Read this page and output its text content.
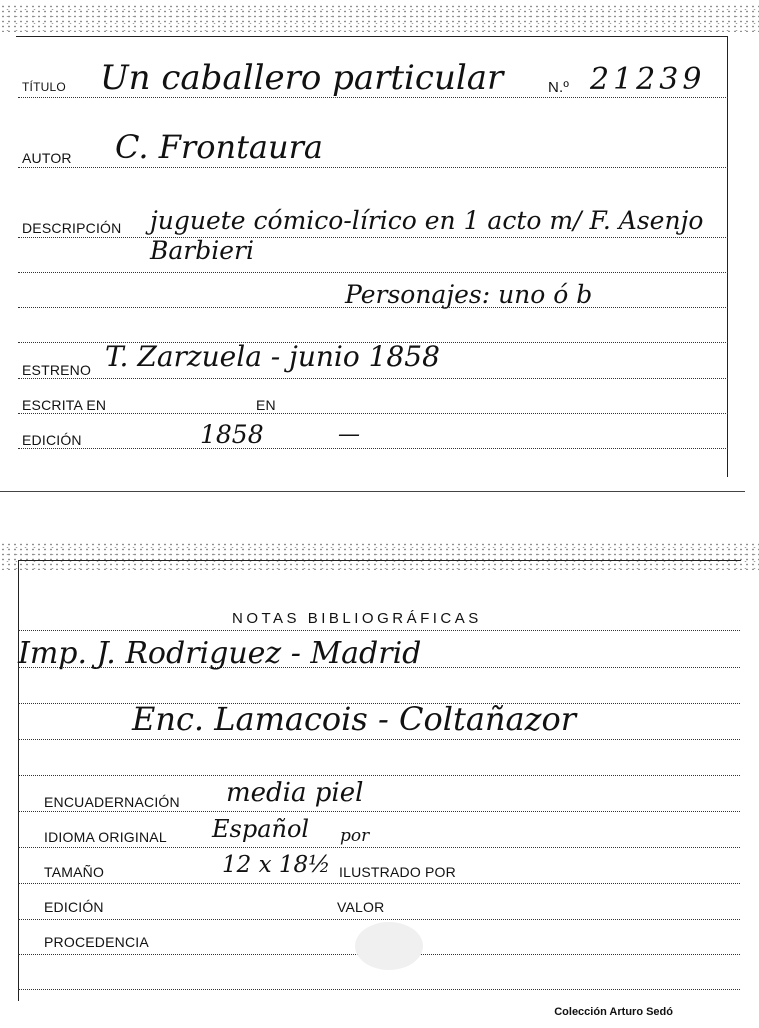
TÍTULO Un caballero particular	N.º 21239
AUTOR C. Frontaura
DESCRIPCIÓN juguete cómico-lírico en 1 acto m/ F. Asenjo Barbieri
Personajes: uno ó b
ESTRENO T. Zarzuela - junio 1858
ESCRITA EN	EN
EDICIÓN	1858	—
NOTAS BIBLIOGRÁFICAS
Imp. J. Rodriguez - Madrid
Enc. Lamacois - Coltañazor
ENCUADERNACIÓN media piel
IDIOMA ORIGINAL Español por
TAMAÑO	12 x 18½ ILUSTRADO POR
EDICIÓN	VALOR
PROCEDENCIA
Colección Arturo Sedó
